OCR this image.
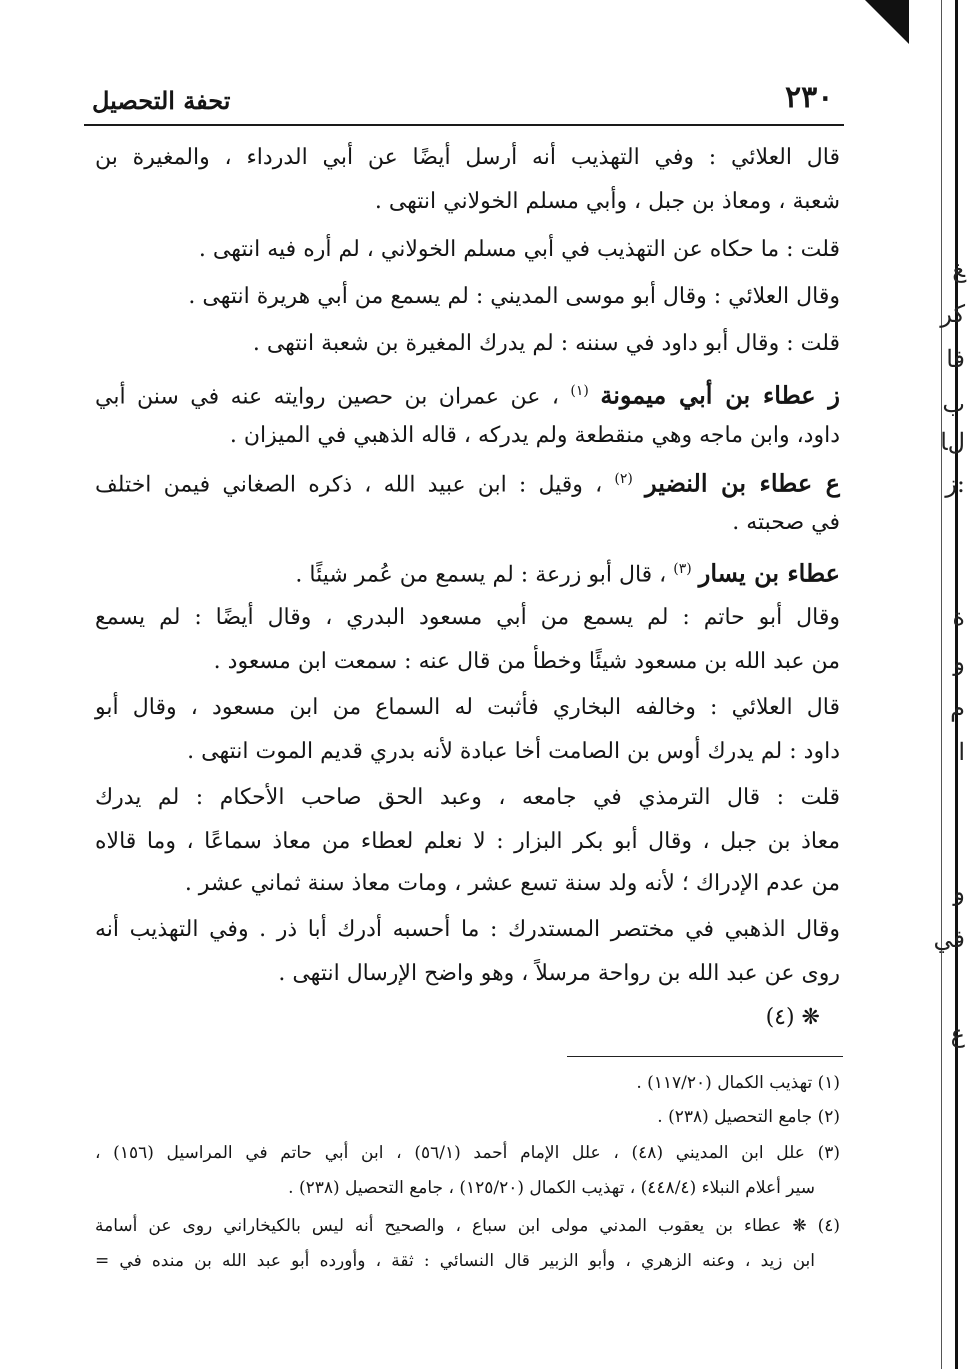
ﻎ
ﻛﺮ
ﻓﺎ
ﺏ
ﻝﺎ
ﺯ:
ﺓ
ﻭ
ﻡ
ﺍ
ﻭ
ﻓﻲ
ﻉ
تحفة التحصيل	٢٣٠
قال العلائي : وفي التهذيب أنه أرسل أيضًا عن أبي الدرداء ، والمغيرة بن
شعبة ، ومعاذ بن جبل ، وأبي مسلم الخولاني انتهى .
قلت : ما حكاه عن التهذيب في أبي مسلم الخولاني ، لم أره فيه انتهى .
وقال العلائي : وقال أبو موسى المديني : لم يسمع من أبي هريرة انتهى .
قلت : وقال أبو داود في سننه : لم يدرك المغيرة بن شعبة انتهى .
ز عطاء بن أبي ميمونة $^{(١)}$ ، عن عمران بن حصين روايته عنه في سنن أبي
داود، وابن ماجه وهي منقطعة ولم يدركه ، قاله الذهبي في الميزان .
ع عطاء بن النضير $^{(٢)}$ ، وقيل : ابن عبيد الله ، ذكره الصغاني فيمن اختلف
في صحبته .
عطاء بن يسار $^{(٣)}$ ، قال أبو زرعة : لم يسمع من عُمر شيئًا .
وقال أبو حاتم : لم يسمع من أبي مسعود البدري ، وقال أيضًا : لم يسمع
من عبد الله بن مسعود شيئًا وخطأ من قال عنه : سمعت ابن مسعود .
قال العلائي : وخالفه البخاري فأثبت له السماع من ابن مسعود ، وقال أبو
داود : لم يدرك أوس بن الصامت أخا عبادة لأنه بدري قديم الموت انتهى .
قلت : قال الترمذي في جامعه ، وعبد الحق صاحب الأحكام : لم يدرك
معاذ بن جبل ، وقال أبو بكر البزار : لا نعلم لعطاء من معاذ سماعًا ، وما قالاه
من عدم الإدراك ؛ لأنه ولد سنة تسع عشر ، ومات معاذ سنة ثماني عشر .
وقال الذهبي في مختصر المستدرك : ما أحسبه أدرك أبا ذر . وفي التهذيب أنه
روى عن عبد الله بن رواحة مرسلاً ، وهو واضح الإرسال انتهى .
❋ (٤)
(١) تهذيب الكمال (١١٧/٢٠) .
(٢) جامع التحصيل (٢٣٨) .
(٣) علل ابن المديني (٤٨) ، علل الإمام أحمد (٥٦/١) ، ابن أبي حاتم في المراسيل (١٥٦) ،
سير أعلام النبلاء (٤٤٨/٤) ، تهذيب الكمال (١٢٥/٢٠) ، جامع التحصيل (٢٣٨) .
(٤) ❋ عطاء بن يعقوب المدني مولى ابن سباع ، والصحيح أنه ليس بالكيخاراني روى عن أسامة
ابن زيد ، وعنه الزهري ، وأبو الزبير قال النسائي : ثقة ، وأورده أبو عبد الله بن منده في =
